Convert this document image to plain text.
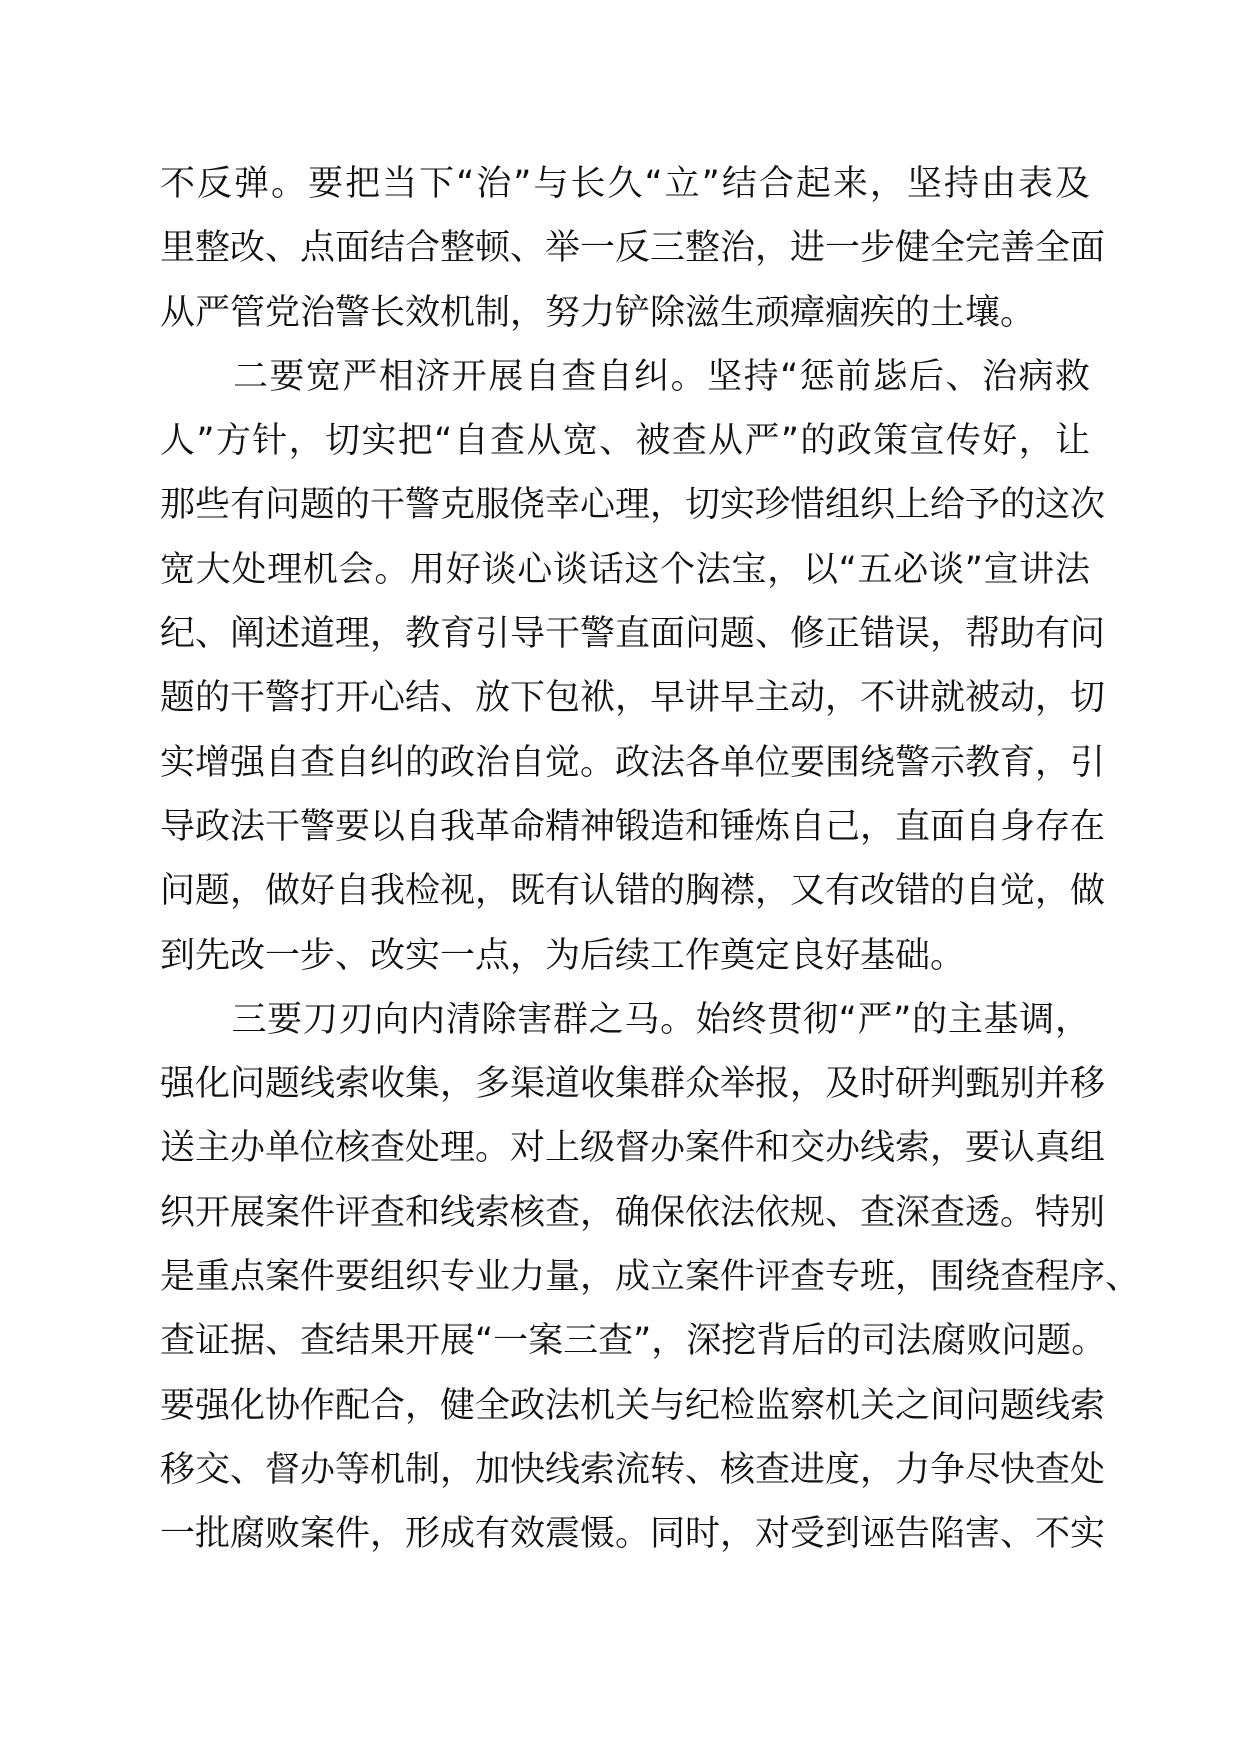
不反弹。要把当下“治”与长久“立”结合起来，坚持由表及
里整改、点面结合整顿、举一反三整治，进一步健全完善全面
从严管党治警长效机制，努力铲除滋生顽瘴痼疾的土壤。
　　二要宽严相济开展自查自纠。坚持“惩前毖后、治病救
人”方针，切实把“自查从宽、被查从严”的政策宣传好，让
那些有问题的干警克服侥幸心理，切实珍惜组织上给予的这次
宽大处理机会。用好谈心谈话这个法宝，以“五必谈”宣讲法
纪、阐述道理，教育引导干警直面问题、修正错误，帮助有问
题的干警打开心结、放下包袱，早讲早主动，不讲就被动，切
实增强自查自纠的政治自觉。政法各单位要围绕警示教育，引
导政法干警要以自我革命精神锻造和锤炼自己，直面自身存在
问题，做好自我检视，既有认错的胸襟，又有改错的自觉，做
到先改一步、改实一点，为后续工作奠定良好基础。
　　三要刀刃向内清除害群之马。始终贯彻“严”的主基调，
强化问题线索收集，多渠道收集群众举报，及时研判甄别并移
送主办单位核查处理。对上级督办案件和交办线索，要认真组
织开展案件评查和线索核查，确保依法依规、查深查透。特别
是重点案件要组织专业力量，成立案件评查专班，围绕查程序、
查证据、查结果开展“一案三查”，深挖背后的司法腐败问题。
要强化协作配合，健全政法机关与纪检监察机关之间问题线索
移交、督办等机制，加快线索流转、核查进度，力争尽快查处
一批腐败案件，形成有效震慑。同时，对受到诬告陷害、不实
